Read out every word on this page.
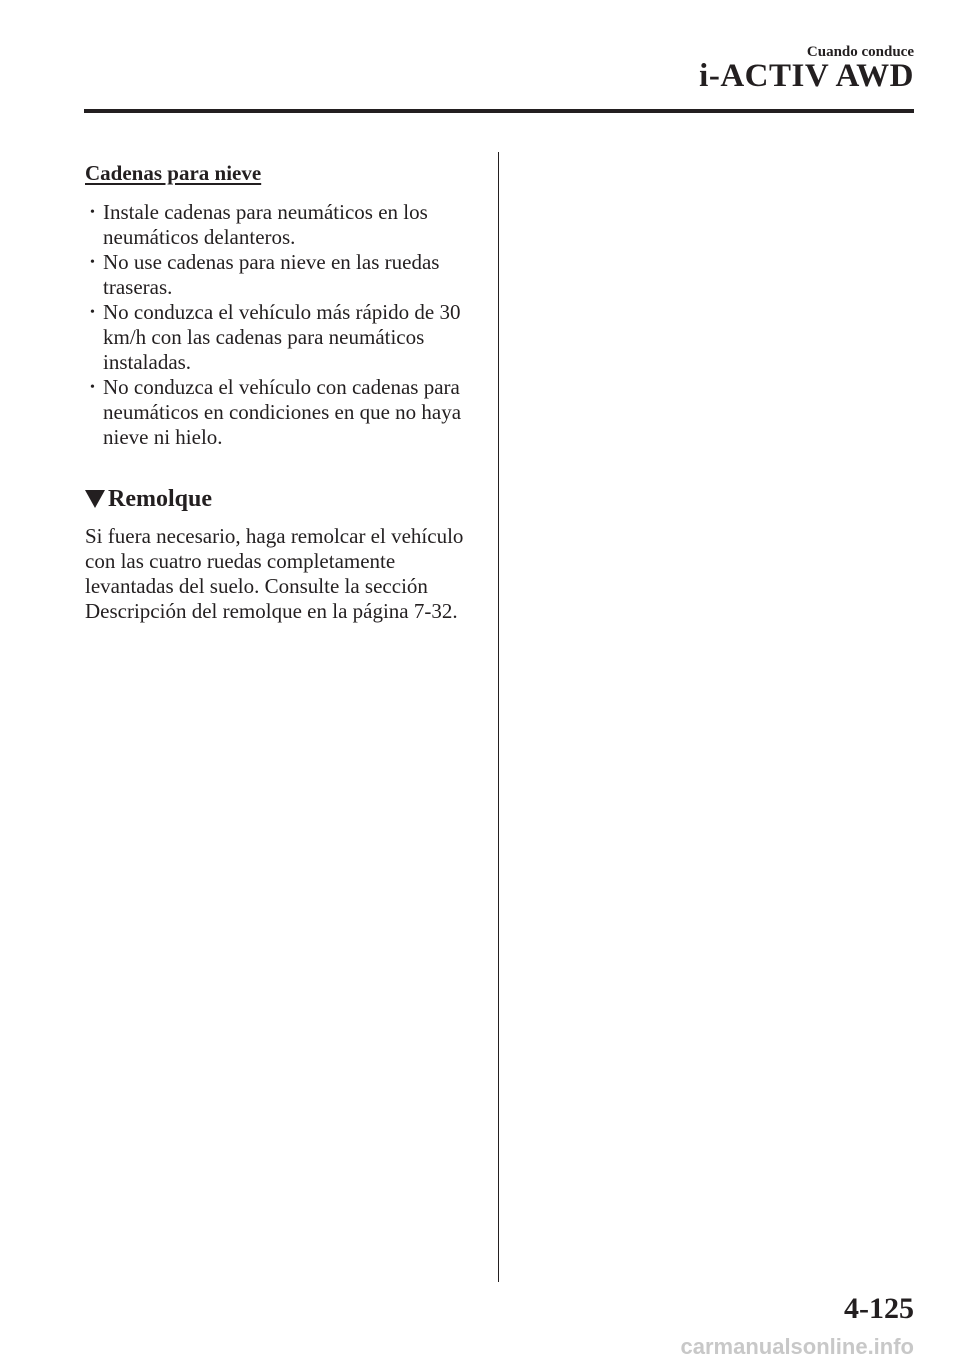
Cuando conduce
i-ACTIV AWD
Cadenas para nieve
• Instale cadenas para neumáticos en los neumáticos delanteros.
• No use cadenas para nieve en las ruedas traseras.
• No conduzca el vehículo más rápido de 30 km/h con las cadenas para neumáticos instaladas.
• No conduzca el vehículo con cadenas para neumáticos en condiciones en que no haya nieve ni hielo.
Remolque

Si fuera necesario, haga remolcar el vehículo con las cuatro ruedas completamente levantadas del suelo. Consulte la sección Descripción del remolque en la página 7-32.

4-125
carmanualsonline.info
